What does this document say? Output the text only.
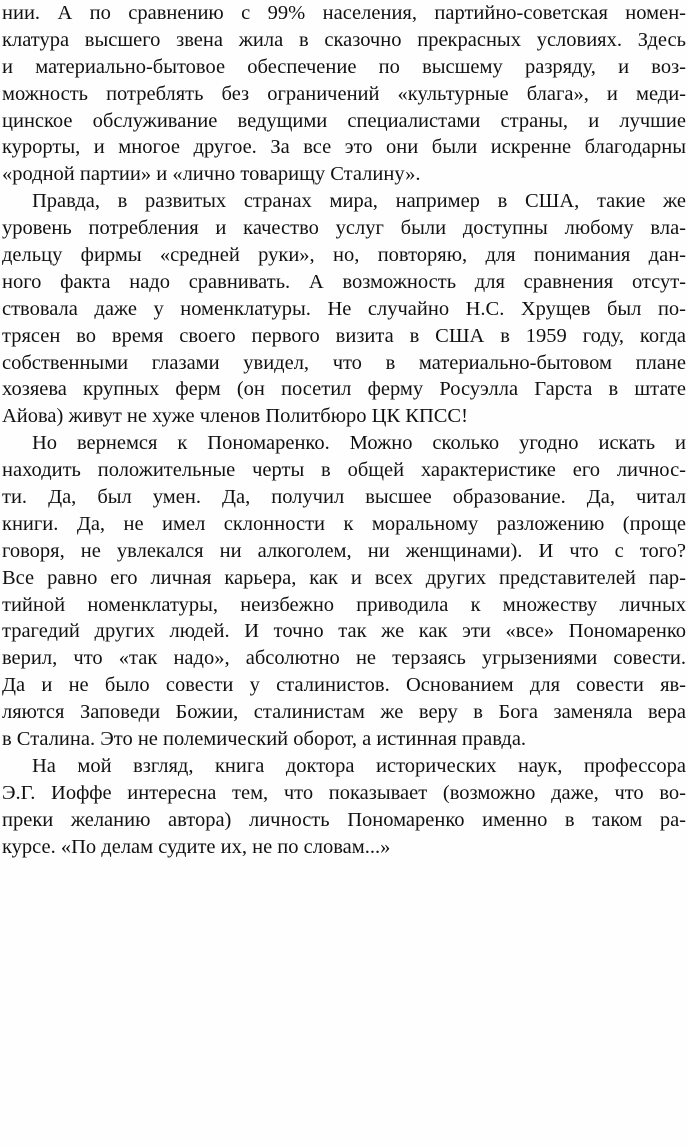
нии. А по сравнению с 99% населения, партийно-советская номен-
клатура высшего звена жила в сказочно прекрасных условиях. Здесь
и материально-бытовое обеспечение по высшему разряду, и воз-
можность потреблять без ограничений «культурные блага», и меди-
цинское обслуживание ведущими специалистами страны, и лучшие
курорты, и многое другое. За все это они были искренне благодарны
«родной партии» и «лично товарищу Сталину».
Правда, в развитых странах мира, например в США, такие же
уровень потребления и качество услуг были доступны любому вла-
дельцу фирмы «средней руки», но, повторяю, для понимания дан-
ного факта надо сравнивать. А возможность для сравнения отсут-
ствовала даже у номенклатуры. Не случайно Н.С. Хрущев был по-
трясен во время своего первого визита в США в 1959 году, когда
собственными глазами увидел, что в материально-бытовом плане
хозяева крупных ферм (он посетил ферму Росуэлла Гарста в штате
Айова) живут не хуже членов Политбюро ЦК КПСС!
Но вернемся к Пономаренко. Можно сколько угодно искать и
находить положительные черты в общей характеристике его личнос-
ти. Да, был умен. Да, получил высшее образование. Да, читал
книги. Да, не имел склонности к моральному разложению (проще
говоря, не увлекался ни алкоголем, ни женщинами). И что с того?
Все равно его личная карьера, как и всех других представителей пар-
тийной номенклатуры, неизбежно приводила к множеству личных
трагедий других людей. И точно так же как эти «все» Пономаренко
верил, что «так надо», абсолютно не терзаясь угрызениями совести.
Да и не было совести у сталинистов. Основанием для совести яв-
ляются Заповеди Божии, сталинистам же веру в Бога заменяла вера
в Сталина. Это не полемический оборот, а истинная правда.
На мой взгляд, книга доктора исторических наук, профессора
Э.Г. Иоффе интересна тем, что показывает (возможно даже, что во-
преки желанию автора) личность Пономаренко именно в таком ра-
курсе. «По делам судите их, не по словам...»
